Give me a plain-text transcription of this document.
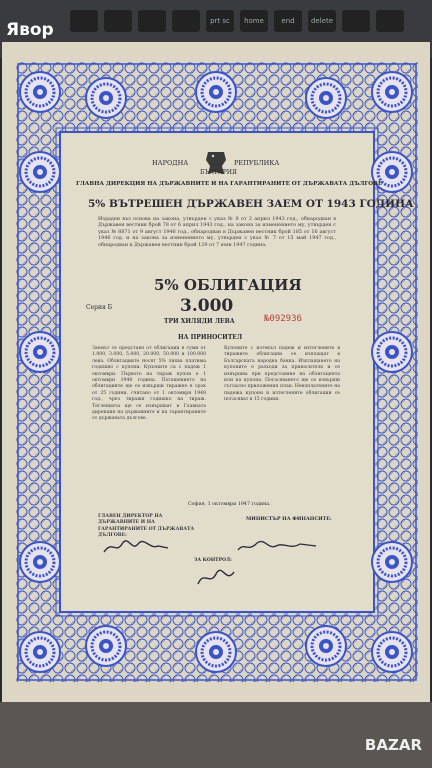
Явор	prt sc	home	end	delete
НАРОДНА	РЕПУБЛИКА
БЪЛГАРИЯ
ГЛАВНА ДИРЕКЦИЯ НА ДЪРЖАВНИТЕ И НА ГАРАНТИРАНИТЕ ОТ ДЪРЖАВАТА ДЪЛГОВЕ
5% ВЪТРЕШЕН ДЪРЖАВЕН ЗАЕМ ОТ 1943 ГОДИНА
Издаден въз основа на закона, утвърден с указ № 8 от 2 април 1943 год., обнародван в Държавен вестник брой 78 от 6 април 1943 год., на закона за изменението му, утвърден с указ № 8871 от 9 август 1946 год., обнародван в Държавен вестник брой 185 от 16 август 1946 год. и на закона за изменението му, утвърден с указ № 7 от 15 май 1947 год., обнародван в Държавен вестник брой 129 от 7 юни 1947 година.
5% ОБЛИГАЦИЯ
Серия Б	3.000
ТРИ ХИЛЯДИ ЛЕВА	№092936
НА ПРИНОСИТЕЛ
Заемът се представя от облигации в суми от 1.000, 3.000, 5.000, 20.000, 50.000 и 100.000 лева. Облигациите носят 5% лихва платима годишно с купони. Купоните са с падеж 1 октомври. Първото на тираж купон е 1 октомври 1948 година. Погашението на облигациите ще се извърши тиражно в срок от 25 години, считано от 1 октомври 1948 год., чрез тиражи годишно на тираж. Тегленията ще се извършват в Главната дирекция на държавните и на гарантираните от държавата дългове.
Купоните с изтекъл падеж и изтеглените в тиражите облигации се изплащат в Българската народна банка. Изплащането на купоните е разходи за приносителя и се извършва при представяне на облигацията или на купона. Погасяването ще се извърши съгласно приложения план. Неизплатените на падежа купони и изтеглените облигации се погасяват в 15 години.
София, 1 октомври 1947 година.
ГЛАВЕН ДИРЕКТОР НА ДЪРЖАВНИТЕ И НА ГАРАНТИРАНИТЕ ОТ ДЪРЖАВАТА ДЪЛГОВЕ:
МИНИСТЪР НА ФИНАНСИТЕ:
ЗА КОНТРОЛ:
BAZAR
